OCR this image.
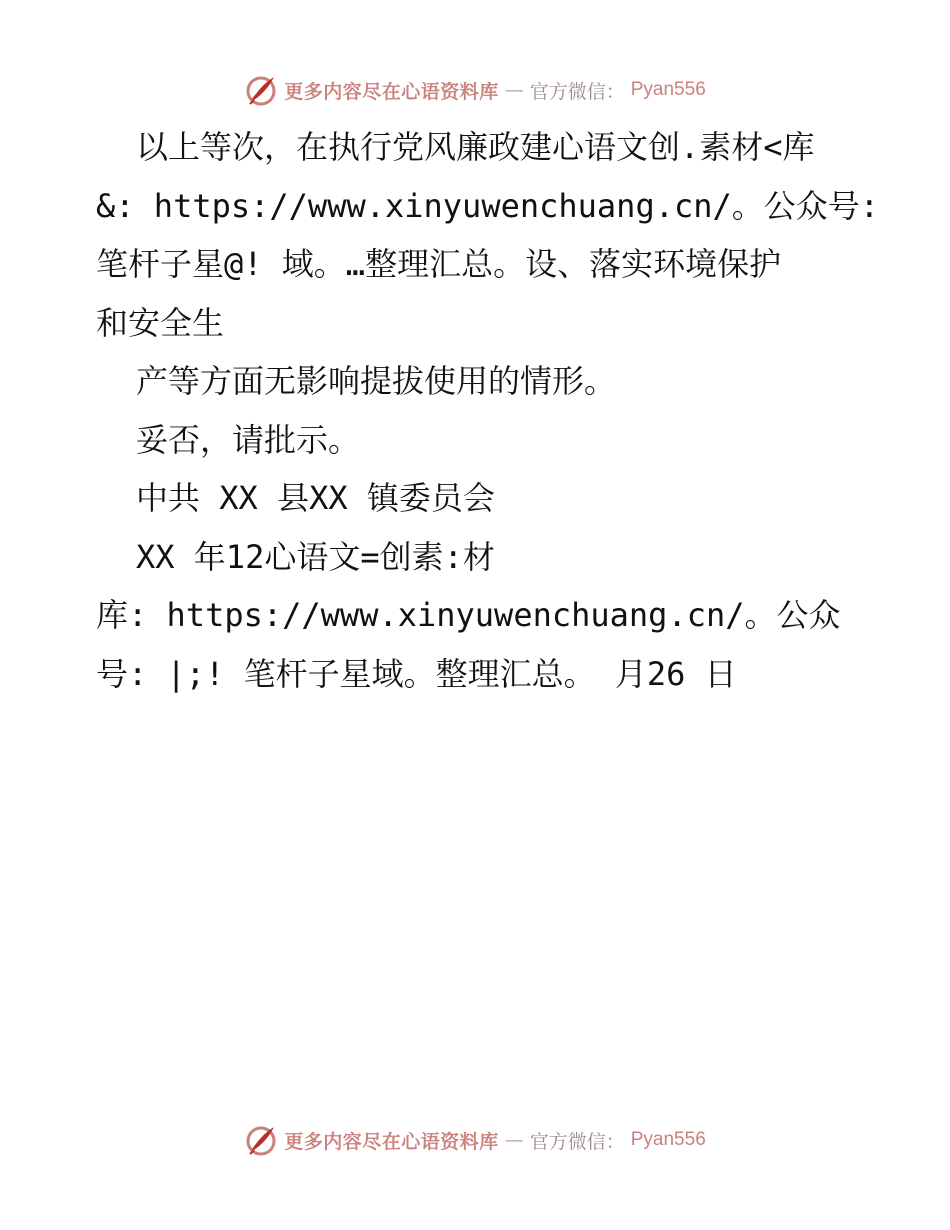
更多内容尽在心语资料库 — 官方微信： Pyan556
以上等次，在执行党风廉政建心语文创.素材<库
&: https://www.xinyuwenchuang.cn/。公众号:
笔杆子星@! 域。…整理汇总。设、落实环境保护
和安全生
产等方面无影响提拔使用的情形。
妥否，请批示。
中共 XX 县XX 镇委员会
XX 年12心语文=创素:材
库: https://www.xinyuwenchuang.cn/。公众
号: |;! 笔杆子星域。整理汇总。 月26 日
更多内容尽在心语资料库 — 官方微信： Pyan556
